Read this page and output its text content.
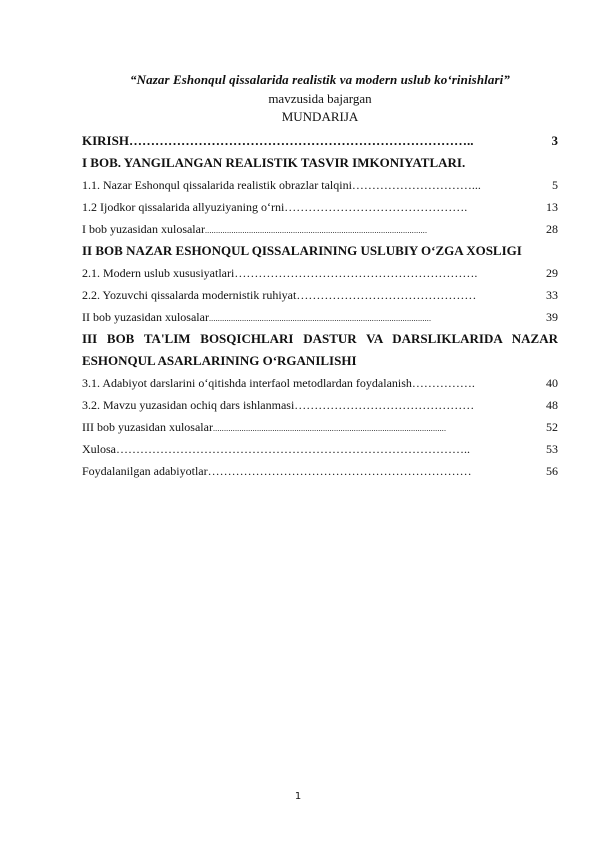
“Nazar Eshonqul qissalarida realistik va modern uslub ko‘rinishlari”
mavzusida bajargan
MUNDARIJA
KIRISH ……………………………………………………………………..	3
I BOB. YANGILANGAN REALISTIK TASVIR IMKONIYATLARI.
1.1. Nazar Eshonqul qissalarida realistik obrazlar talqini …………………………...	5
1.2 Ijodkor qissalarida allyuziyaning o‘rni ……………………………………….	13
I bob yuzasidan xulosalar .....................................................................................................	28
II BOB NAZAR ESHONQUL QISSALARINING USLUBIY O‘ZGA XOSLIGI
2.1. Modern uslub xususiyatlari …………………………………………………….	29
2.2. Yozuvchi qissalarda modernistik ruhiyat ………………………………………	33
II bob yuzasidan xulosalar .....................................................................................................	39
III BOB TA'LIM BOSQICHLARI DASTUR VA DARSLIKLARIDA NAZAR ESHONQUL ASARLARINING O‘RGANILISHI
3.1. Adabiyot darslarini o‘qitishda interfaol metodlardan foydalanish …………….	40
3.2. Mavzu yuzasidan ochiq dars ishlanmasi ………………………………………	48
III bob yuzasidan xulosalar ..........................................................................................................	52
Xulosa ……………………………………………………………………………..	53
Foydalanilgan adabiyotlar …………………………………………………………	56
1
